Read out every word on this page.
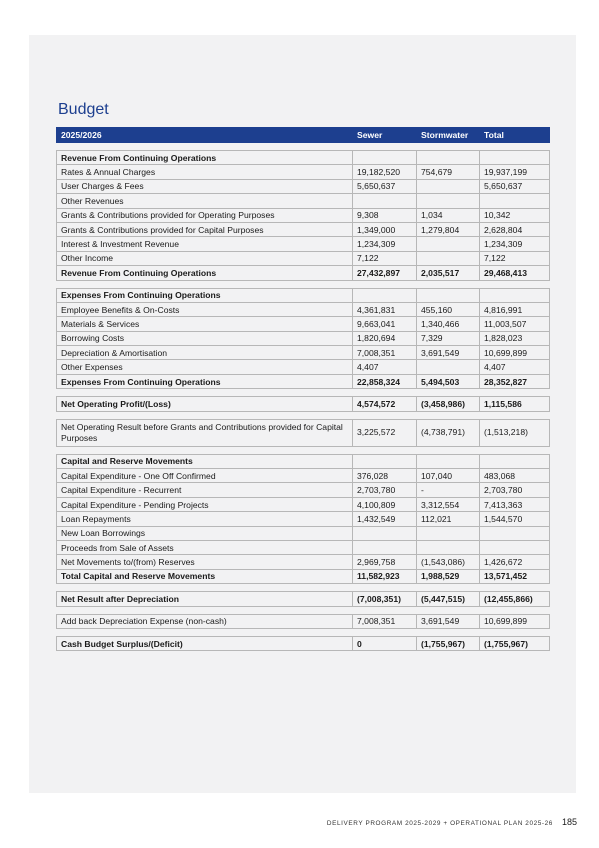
Budget
2025/2026	Sewer	Stormwater	Total

Revenue From Continuing Operations			
Rates & Annual Charges	19,182,520	754,679	19,937,199
User Charges & Fees	5,650,637		5,650,637
Other Revenues			
Grants & Contributions provided for Operating Purposes	9,308	1,034	10,342
Grants & Contributions provided for Capital Purposes	1,349,000	1,279,804	2,628,804
Interest & Investment Revenue	1,234,309		1,234,309
Other Income	7,122		7,122
Revenue From Continuing Operations	27,432,897	2,035,517	29,468,413

Expenses From Continuing Operations			
Employee Benefits & On-Costs	4,361,831	455,160	4,816,991
Materials & Services	9,663,041	1,340,466	11,003,507
Borrowing Costs	1,820,694	7,329	1,828,023
Depreciation & Amortisation	7,008,351	3,691,549	10,699,899
Other Expenses	4,407		4,407
Expenses From Continuing Operations	22,858,324	5,494,503	28,352,827

Net Operating Profit/(Loss)	4,574,572	(3,458,986)	1,115,586

Net Operating Result before Grants and Contributions provided for Capital Purposes	3,225,572	(4,738,791)	(1,513,218)

Capital and Reserve Movements			
Capital Expenditure - One Off Confirmed	376,028	107,040	483,068
Capital Expenditure - Recurrent	2,703,780	-	2,703,780
Capital Expenditure - Pending Projects	4,100,809	3,312,554	7,413,363
Loan Repayments	1,432,549	112,021	1,544,570
New Loan Borrowings			
Proceeds from Sale of Assets			
Net Movements to/(from) Reserves	2,969,758	(1,543,086)	1,426,672
Total Capital and Reserve Movements	11,582,923	1,988,529	13,571,452

Net Result after Depreciation	(7,008,351)	(5,447,515)	(12,455,866)

Add back Depreciation Expense (non-cash)	7,008,351	3,691,549	10,699,899

Cash Budget Surplus/(Deficit)	0	(1,755,967)	(1,755,967)
DELIVERY PROGRAM 2025-2029 + OPERATIONAL PLAN 2025-26 185
